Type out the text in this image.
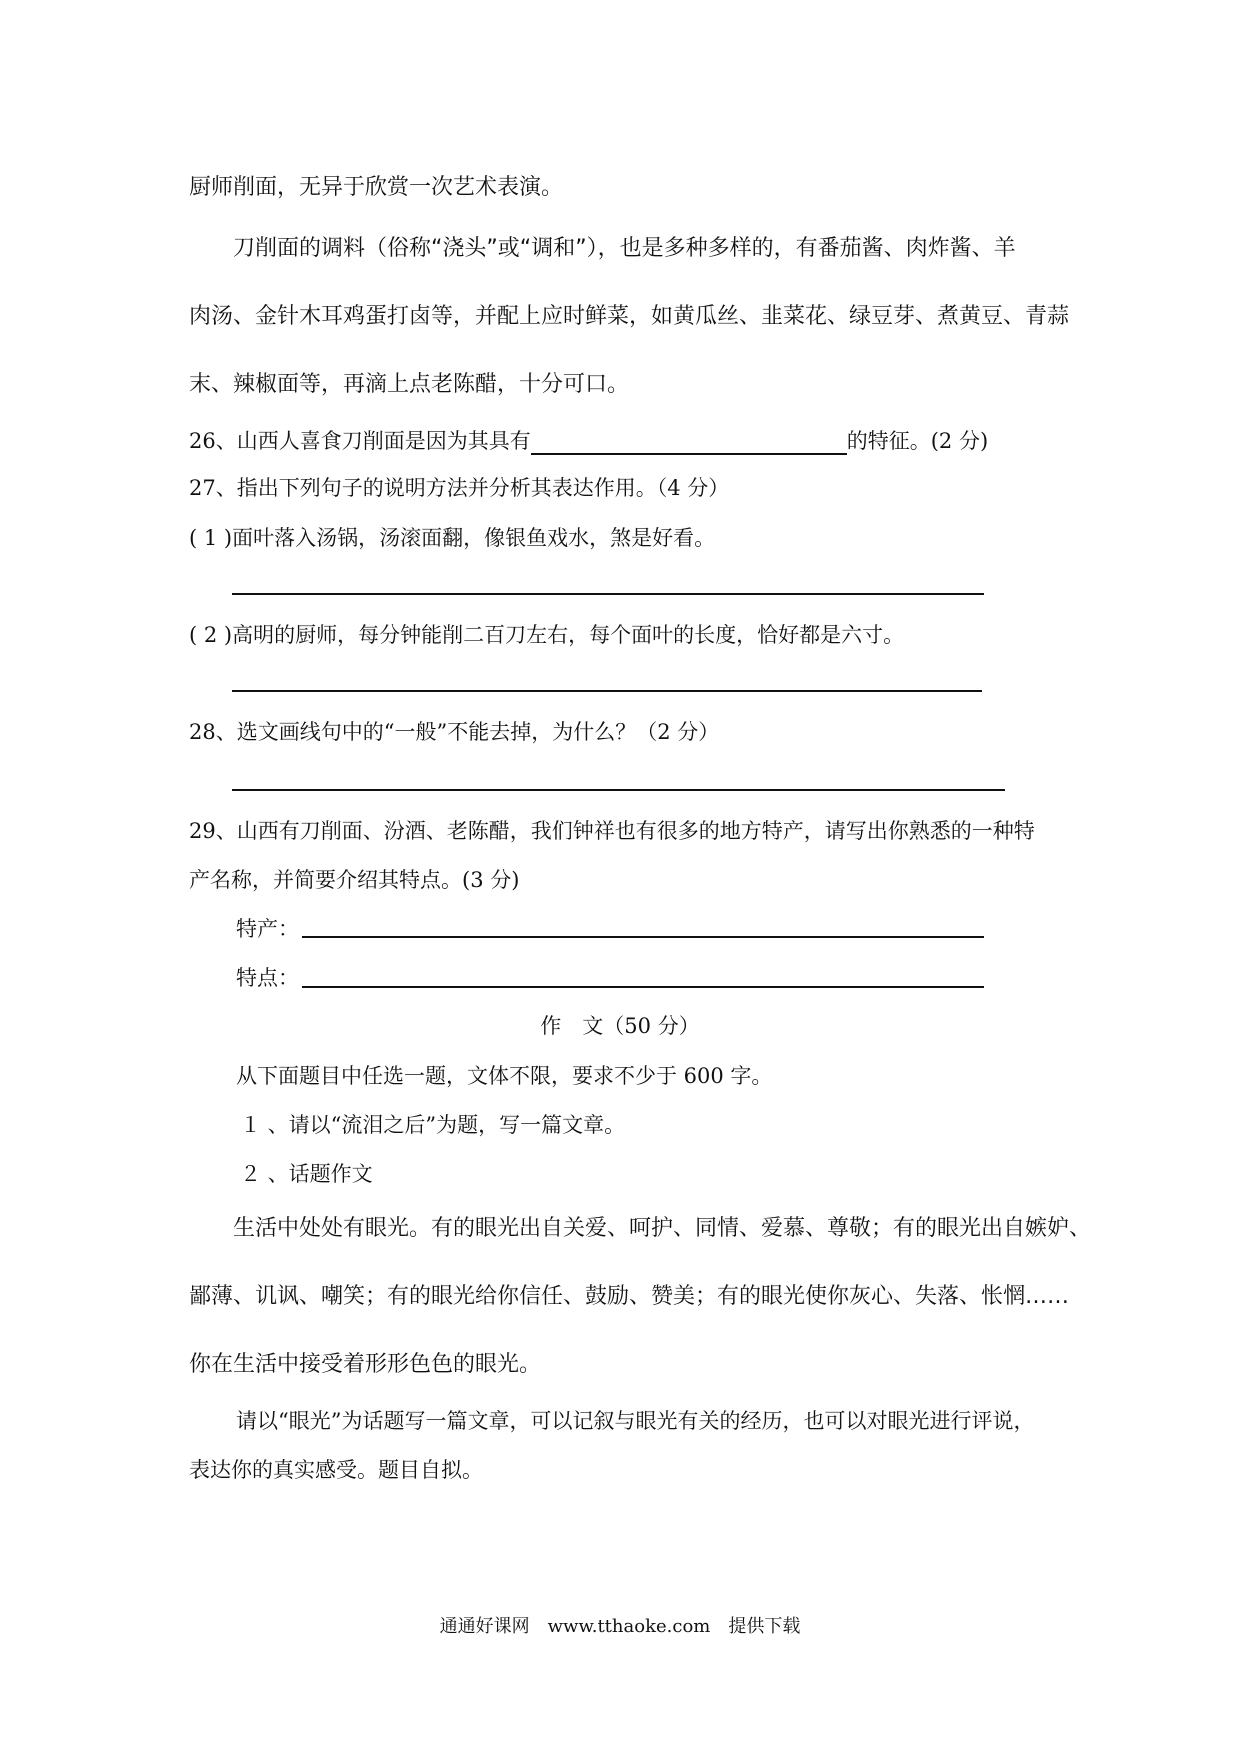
厨师削面，无异于欣赏一次艺术表演。

刀削面的调料（俗称“浇头”或“调和”），也是多种多样的，有番茄酱、肉炸酱、羊

肉汤、金针木耳鸡蛋打卤等，并配上应时鲜菜，如黄瓜丝、韭菜花、绿豆芽、煮黄豆、青蒜

末、辣椒面等，再滴上点老陈醋，十分可口。

26、山西人喜食刀削面是因为其具有	的特征。(2 分)
27、指出下列句子的说明方法并分析其表达作用。（4 分）
( 1 )面叶落入汤锅，汤滚面翻，像银鱼戏水，煞是好看。
( 2 )高明的厨师，每分钟能削二百刀左右，每个面叶的长度，恰好都是六寸。
28、选文画线句中的“一般”不能去掉，为什么？（2 分）
29、山西有刀削面、汾酒、老陈醋，我们钟祥也有很多的地方特产，请写出你熟悉的一种特
产名称，并简要介绍其特点。(3 分)
特产：
特点：
作　文（50 分）
从下面题目中任选一题，文体不限，要求不少于 600 字。
１ 、请以“流泪之后”为题，写一篇文章。
２ 、话题作文

生活中处处有眼光。有的眼光出自关爱、呵护、同情、爱慕、尊敬；有的眼光出自嫉妒、

鄙薄、讥讽、嘲笑；有的眼光给你信任、鼓励、赞美；有的眼光使你灰心、失落、怅惘……

你在生活中接受着形形色色的眼光。

请以“眼光”为话题写一篇文章，可以记叙与眼光有关的经历，也可以对眼光进行评说，
表达你的真实感受。题目自拟。
通通好课网　www.tthaoke.com　提供下载
